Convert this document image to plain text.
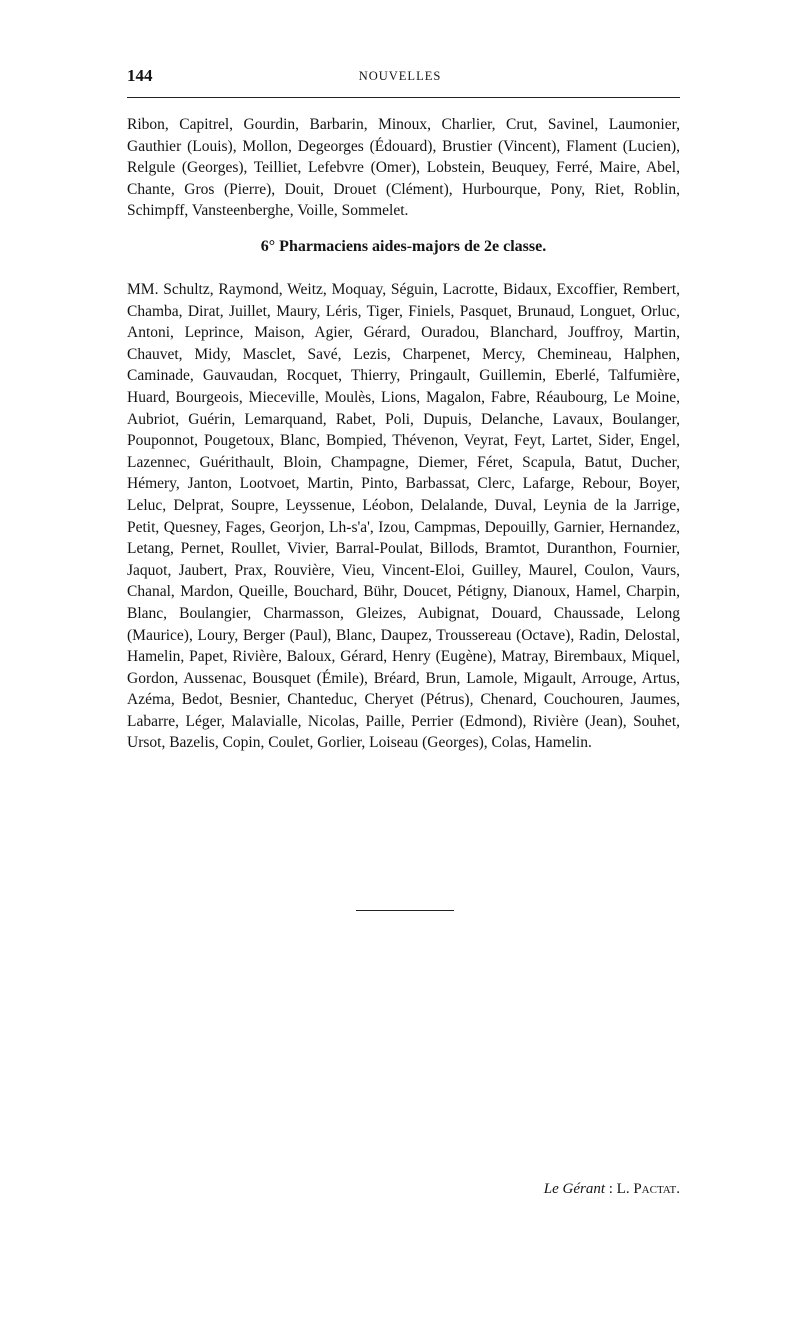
144	NOUVELLES

Ribon, Capitrel, Gourdin, Barbarin, Minoux, Charlier, Crut, Savinel, Laumonier, Gauthier (Louis), Mollon, Degeorges (Édouard), Brustier (Vincent), Flament (Lucien), Relgule (Georges), Teilliet, Lefebvre (Omer), Lobstein, Beuquey, Ferré, Maire, Abel, Chante, Gros (Pierre), Douit, Drouet (Clément), Hurbourque, Pony, Riet, Roblin, Schimpff, Vansteenberghe, Voille, Sommelet.

6° Pharmaciens aides-majors de 2e classe.

MM. Schultz, Raymond, Weitz, Moquay, Séguin, Lacrotte, Bidaux, Excoffier, Rembert, Chamba, Dirat, Juillet, Maury, Léris, Tiger, Finiels, Pasquet, Brunaud, Longuet, Orluc, Antoni, Leprince, Maison, Agier, Gérard, Ouradou, Blanchard, Jouffroy, Martin, Chauvet, Midy, Masclet, Savé, Lezis, Charpenet, Mercy, Chemineau, Halphen, Caminade, Gauvaudan, Rocquet, Thierry, Pringault, Guillemin, Eberlé, Talfumière, Huard, Bourgeois, Mieceville, Moulès, Lions, Magalon, Fabre, Réaubourg, Le Moine, Aubriot, Guérin, Lemarquand, Rabet, Poli, Dupuis, Delanche, Lavaux, Boulanger, Pouponnot, Pougetoux, Blanc, Bompied, Thévenon, Veyrat, Feyt, Lartet, Sider, Engel, Lazennec, Guérithault, Bloin, Champagne, Diemer, Féret, Scapula, Batut, Ducher, Hémery, Janton, Lootvoet, Martin, Pinto, Barbassat, Clerc, Lafarge, Rebour, Boyer, Leluc, Delprat, Soupre, Leyssenue, Léobon, Delalande, Duval, Leynia de la Jarrige, Petit, Quesney, Fages, Georjon, Lh-s'a', Izou, Campmas, Depouilly, Garnier, Hernandez, Letang, Pernet, Roullet, Vivier, Barral-Poulat, Billods, Bramtot, Duranthon, Fournier, Jaquot, Jaubert, Prax, Rouvière, Vieu, Vincent-Eloi, Guilley, Maurel, Coulon, Vaurs, Chanal, Mardon, Queille, Bouchard, Bühr, Doucet, Pétigny, Dianoux, Hamel, Charpin, Blanc, Boulangier, Charmasson, Gleizes, Aubignat, Douard, Chaussade, Lelong (Maurice), Loury, Berger (Paul), Blanc, Daupez, Troussereau (Octave), Radin, Delostal, Hamelin, Papet, Rivière, Baloux, Gérard, Henry (Eugène), Matray, Birembaux, Miquel, Gordon, Aussenac, Bousquet (Émile), Bréard, Brun, Lamole, Migault, Arrouge, Artus, Azéma, Bedot, Besnier, Chanteduc, Cheryet (Pétrus), Chenard, Couchouren, Jaumes, Labarre, Léger, Malavialle, Nicolas, Paille, Perrier (Edmond), Rivière (Jean), Souhet, Ursot, Bazelis, Copin, Coulet, Gorlier, Loiseau (Georges), Colas, Hamelin.

Le Gérant : L. Pactat.
